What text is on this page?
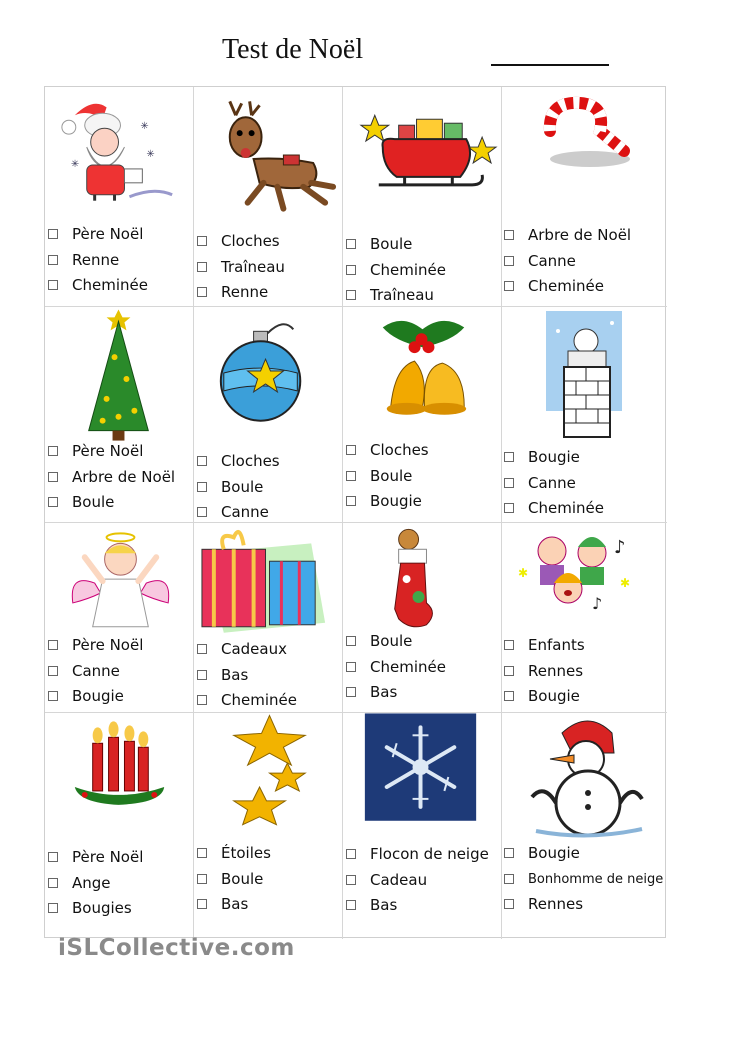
Test de Noël
✳
✳
✳
♪
♪
✱
✱
Père Noël
Renne
Cheminée
Cloches
Traîneau
Renne
Boule
Cheminée
Traîneau
Arbre de Noël
Canne
Cheminée
Père Noël
Arbre de Noël
Boule
Cloches
Boule
Canne
Cloches
Boule
Bougie
Bougie
Canne
Cheminée
Père Noël
Canne
Bougie
Cadeaux
Bas
Cheminée
Boule
Cheminée
Bas
Enfants
Rennes
Bougie
Père Noël
Ange
Bougies
Étoiles
Boule
Bas
Flocon de neige
Cadeau
Bas
Bougie
Bonhomme de neige
Rennes
iSLCollective.com
